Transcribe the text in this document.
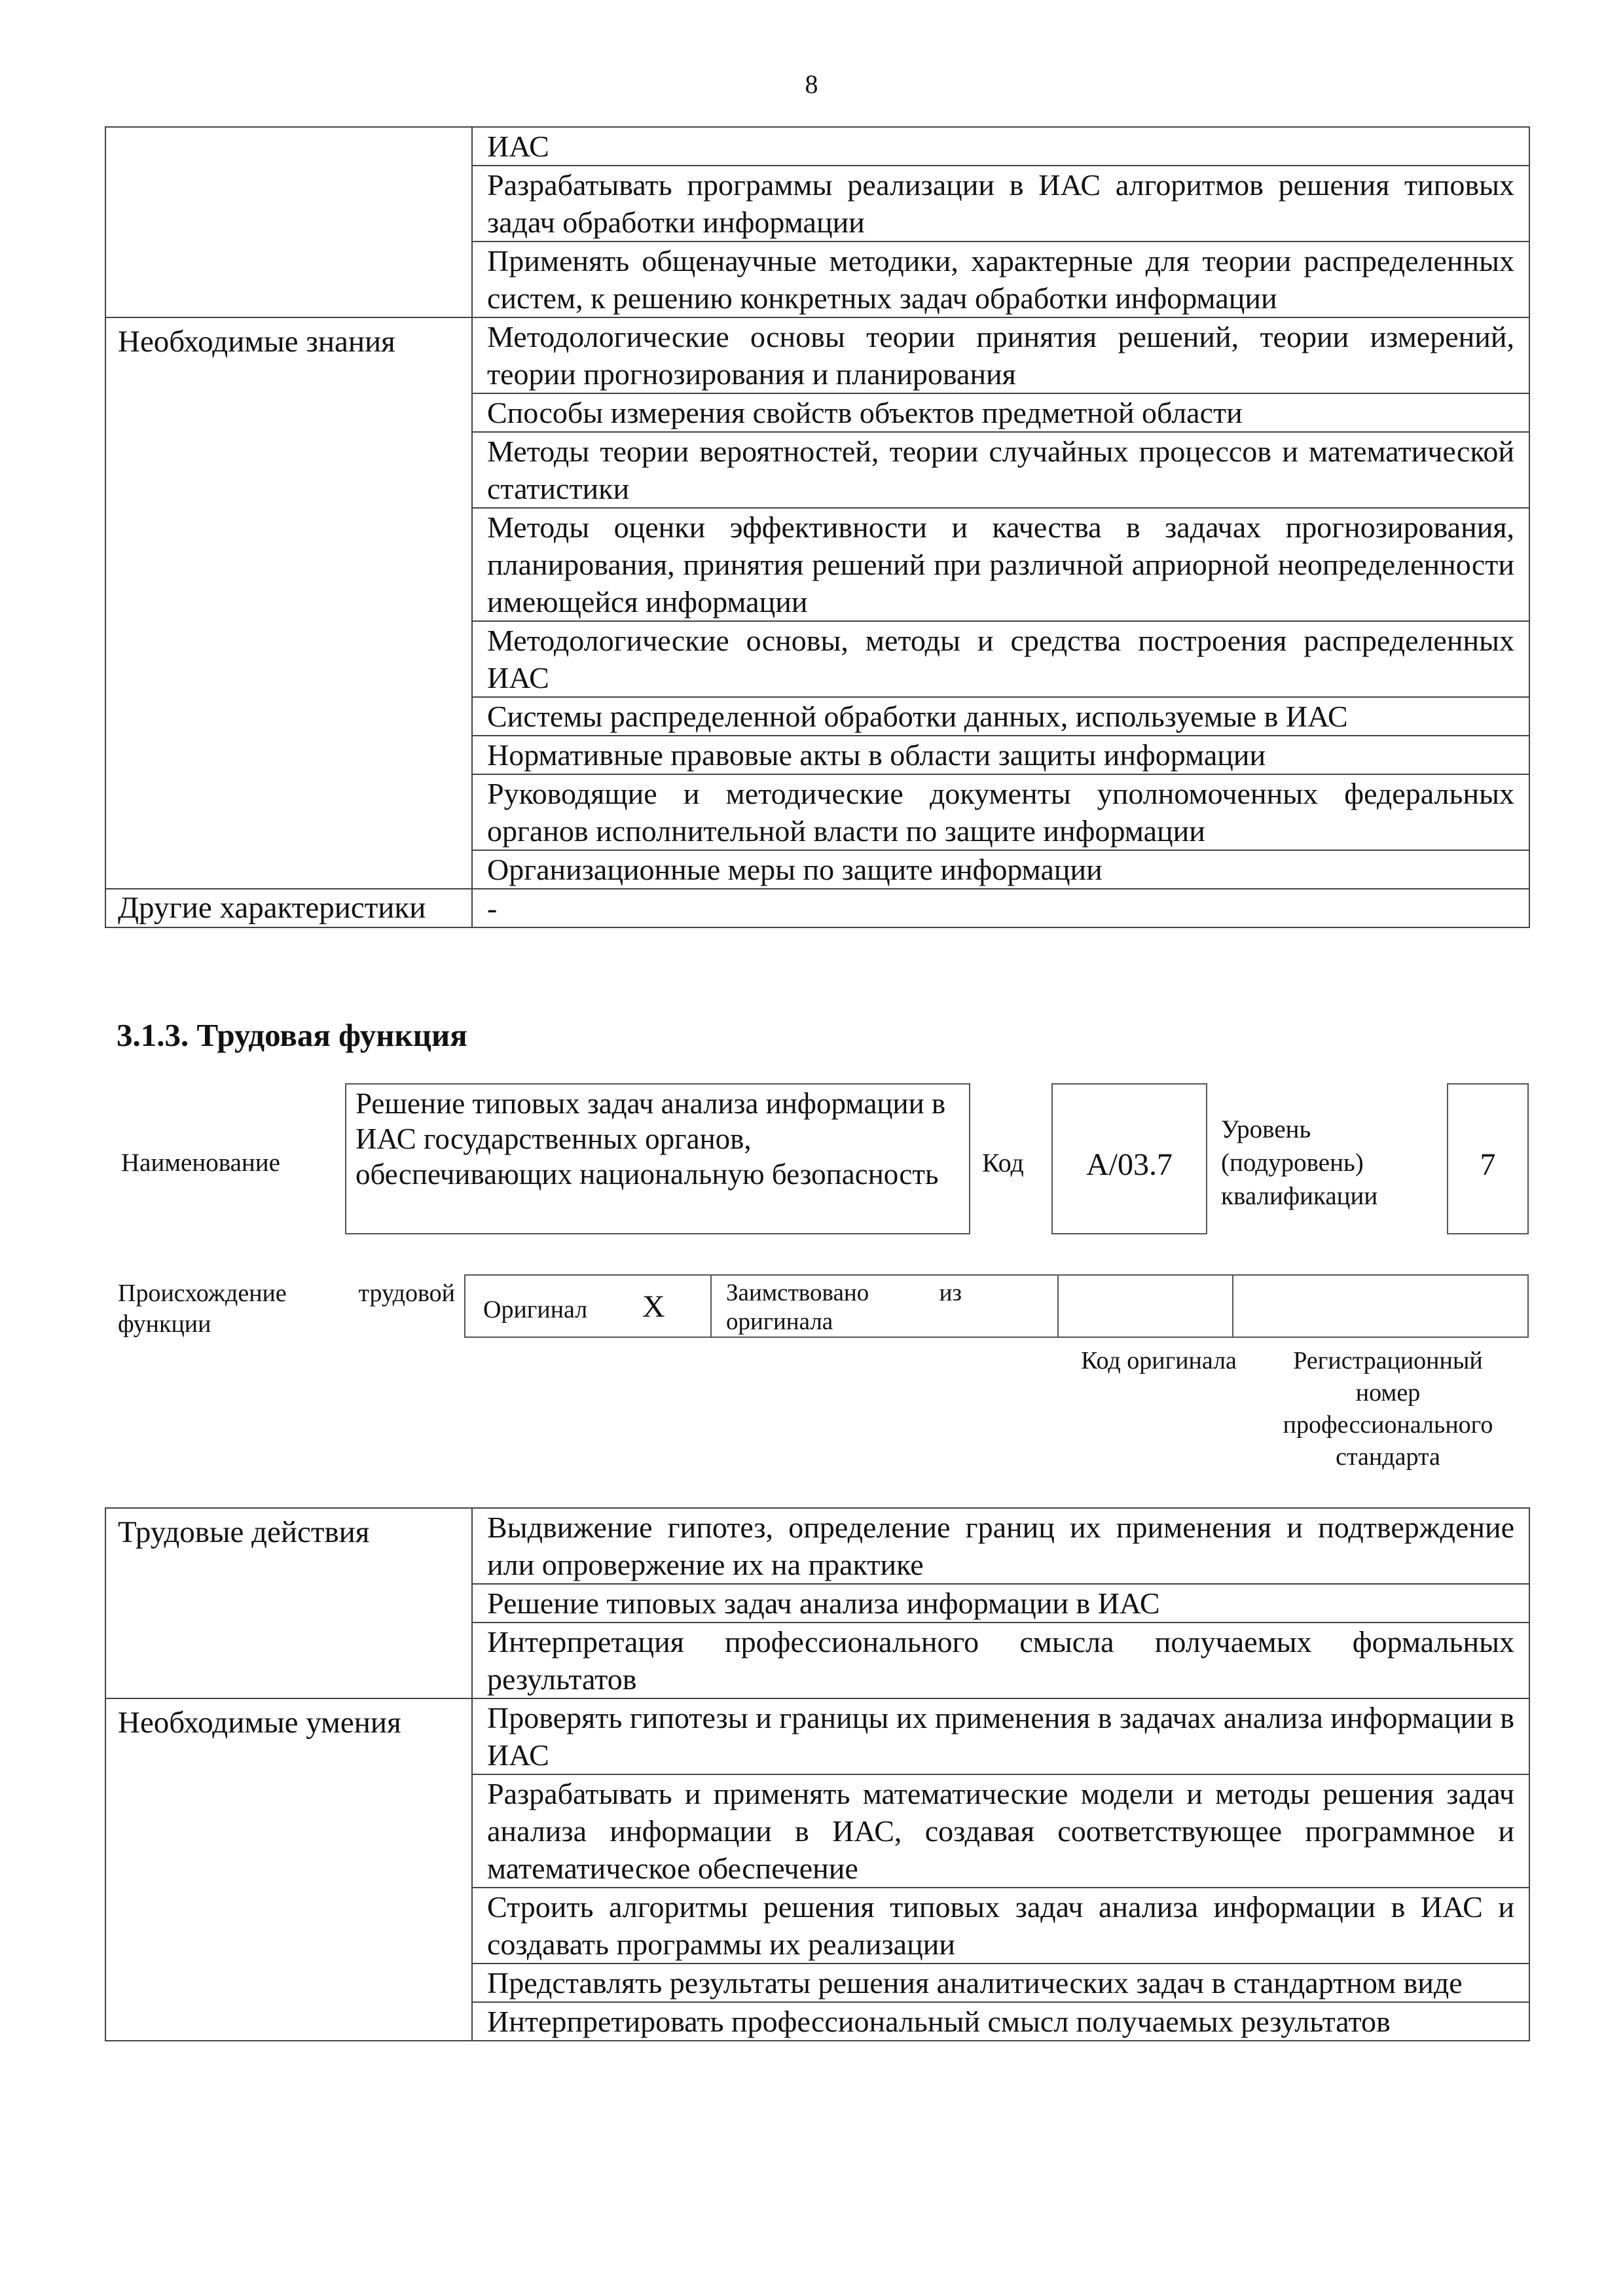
8
	ИАС
	Разрабатывать программы реализации в ИАС алгоритмов решения типовых задач обработки информации
	Применять общенаучные методики, характерные для теории распределенных систем, к решению конкретных задач обработки информации
Необходимые знания	Методологические основы теории принятия решений, теории измерений, теории прогнозирования и планирования
	Способы измерения свойств объектов предметной области
	Методы теории вероятностей, теории случайных процессов и математической статистики
	Методы оценки эффективности и качества в задачах прогнозирования, планирования, принятия решений при различной априорной неопределенности имеющейся информации
	Методологические основы, методы и средства построения распределенных ИАС
	Системы распределенной обработки данных, используемые в ИАС
	Нормативные правовые акты в области защиты информации
	Руководящие и методические документы уполномоченных федеральных органов исполнительной власти по защите информации
	Организационные меры по защите информации
Другие характеристики	-
3.1.3. Трудовая функция
Наименование
Решение типовых задач анализа информации в ИАС государственных органов, обеспечивающих национальную безопасность	Код	А/03.7
Уровень (подуровень) квалификации
7
Происхождение трудовой функции
Оригинал X	Заимствовано из оригинала
Код оригинала	Регистрационный номер профессионального стандарта
Трудовые действия	Выдвижение гипотез, определение границ их применения и подтверждение или опровержение их на практике
	Решение типовых задач анализа информации в ИАС
	Интерпретация профессионального смысла получаемых формальных результатов
Необходимые умения	Проверять гипотезы и границы их применения в задачах анализа информации в ИАС
	Разрабатывать и применять математические модели и методы решения задач анализа информации в ИАС, создавая соответствующее программное и математическое обеспечение
	Строить алгоритмы решения типовых задач анализа информации в ИАС и создавать программы их реализации
	Представлять результаты решения аналитических задач в стандартном виде
	Интерпретировать профессиональный смысл получаемых результатов
